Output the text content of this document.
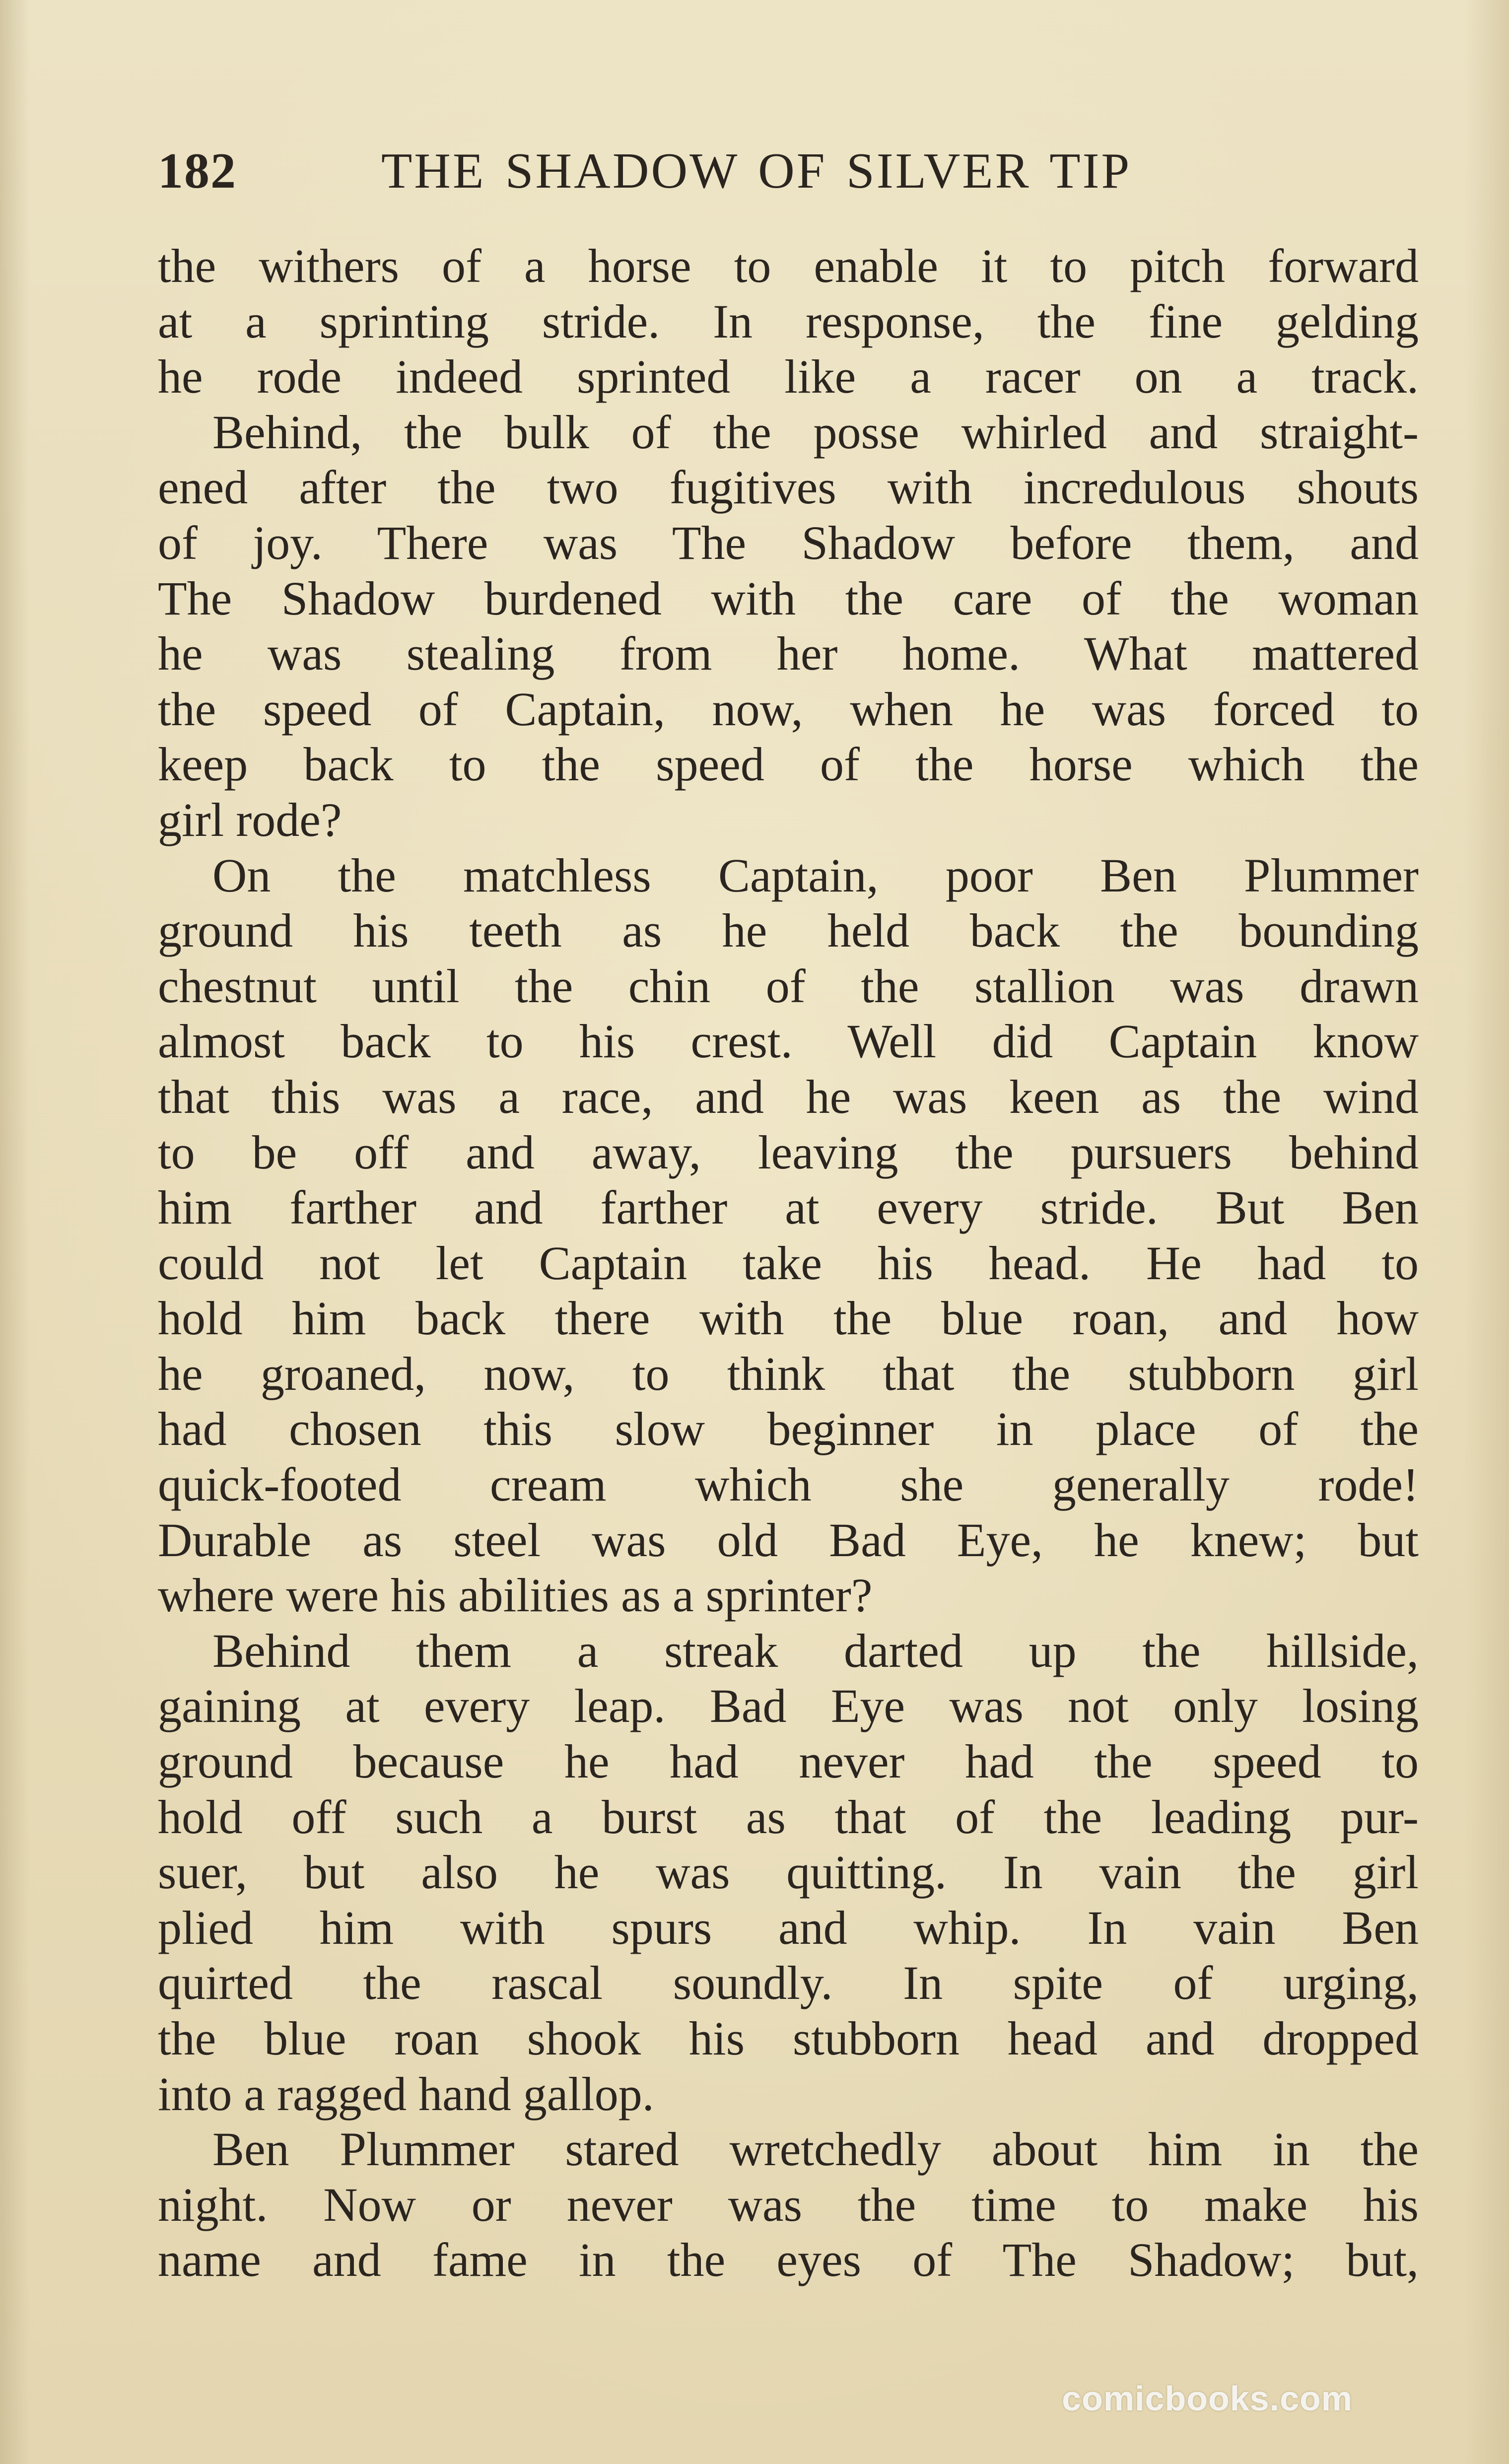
182	THE SHADOW OF SILVER TIP
the withers of a horse to enable it to pitch forward
at a sprinting stride. In response, the fine gelding
he rode indeed sprinted like a racer on a track.
Behind, the bulk of the posse whirled and straight-
ened after the two fugitives with incredulous shouts
of joy. There was The Shadow before them, and
The Shadow burdened with the care of the woman
he was stealing from her home. What mattered
the speed of Captain, now, when he was forced to
keep back to the speed of the horse which the
girl rode?
On the matchless Captain, poor Ben Plummer
ground his teeth as he held back the bounding
chestnut until the chin of the stallion was drawn
almost back to his crest. Well did Captain know
that this was a race, and he was keen as the wind
to be off and away, leaving the pursuers behind
him farther and farther at every stride. But Ben
could not let Captain take his head. He had to
hold him back there with the blue roan, and how
he groaned, now, to think that the stubborn girl
had chosen this slow beginner in place of the
quick-footed cream which she generally rode!
Durable as steel was old Bad Eye, he knew; but
where were his abilities as a sprinter?
Behind them a streak darted up the hillside,
gaining at every leap. Bad Eye was not only losing
ground because he had never had the speed to
hold off such a burst as that of the leading pur-
suer, but also he was quitting. In vain the girl
plied him with spurs and whip. In vain Ben
quirted the rascal soundly. In spite of urging,
the blue roan shook his stubborn head and dropped
into a ragged hand gallop.
Ben Plummer stared wretchedly about him in the
night. Now or never was the time to make his
name and fame in the eyes of The Shadow; but,
comicbooks.com
